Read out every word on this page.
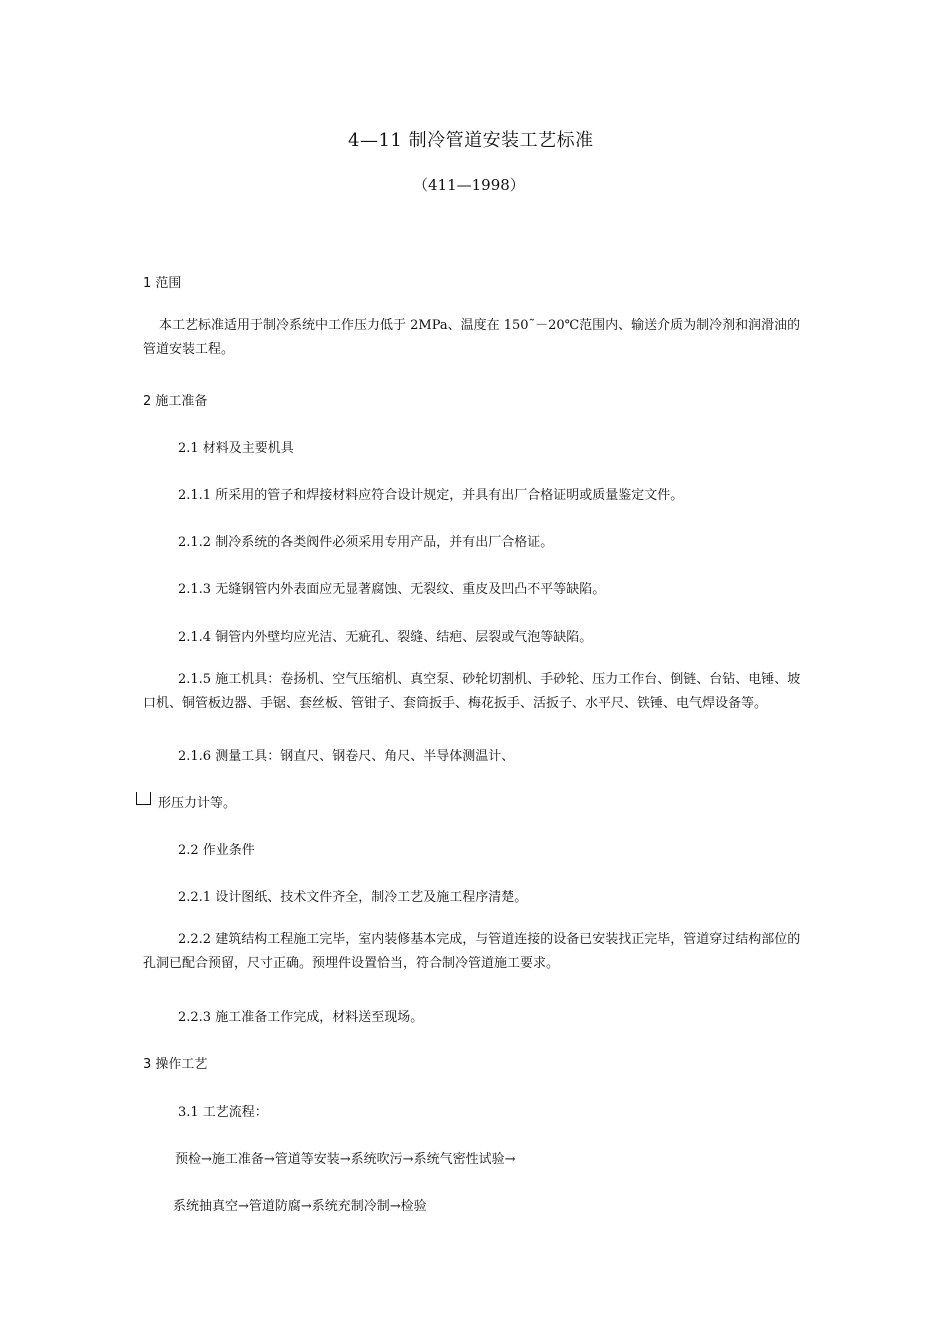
4—11 制冷管道安装工艺标准
（411—1998）
1 范围
本工艺标准适用于制冷系统中工作压力低于 2MPa、温度在 150˜－20℃范围内、输送介质为制冷剂和润滑油的管道安装工程。
2 施工准备
2.1 材料及主要机具
2.1.1 所采用的管子和焊接材料应符合设计规定，并具有出厂合格证明或质量鉴定文件。
2.1.2 制冷系统的各类阀件必须采用专用产品，并有出厂合格证。
2.1.3 无缝钢管内外表面应无显著腐蚀、无裂纹、重皮及凹凸不平等缺陷。
2.1.4 铜管内外壁均应光洁、无疵孔、裂缝、结疤、层裂或气泡等缺陷。
2.1.5 施工机具：卷扬机、空气压缩机、真空泵、砂轮切割机、手砂轮、压力工作台、倒链、台钻、电锤、坡口机、铜管板边器、手锯、套丝板、管钳子、套筒扳手、梅花扳手、活扳子、水平尺、铁锤、电气焊设备等。
2.1.6 测量工具：钢直尺、钢卷尺、角尺、半导体测温计、
形压力计等。
2.2 作业条件
2.2.1 设计图纸、技术文件齐全，制冷工艺及施工程序清楚。
2.2.2 建筑结构工程施工完毕，室内装修基本完成，与管道连接的设备已安装找正完毕，管道穿过结构部位的孔洞已配合预留，尺寸正确。预埋件设置恰当，符合制冷管道施工要求。
2.2.3 施工准备工作完成，材料送至现场。
3 操作工艺
3.1 工艺流程：
预检→施工准备→管道等安装→系统吹污→系统气密性试验→
系统抽真空→管道防腐→系统充制冷制→检验
